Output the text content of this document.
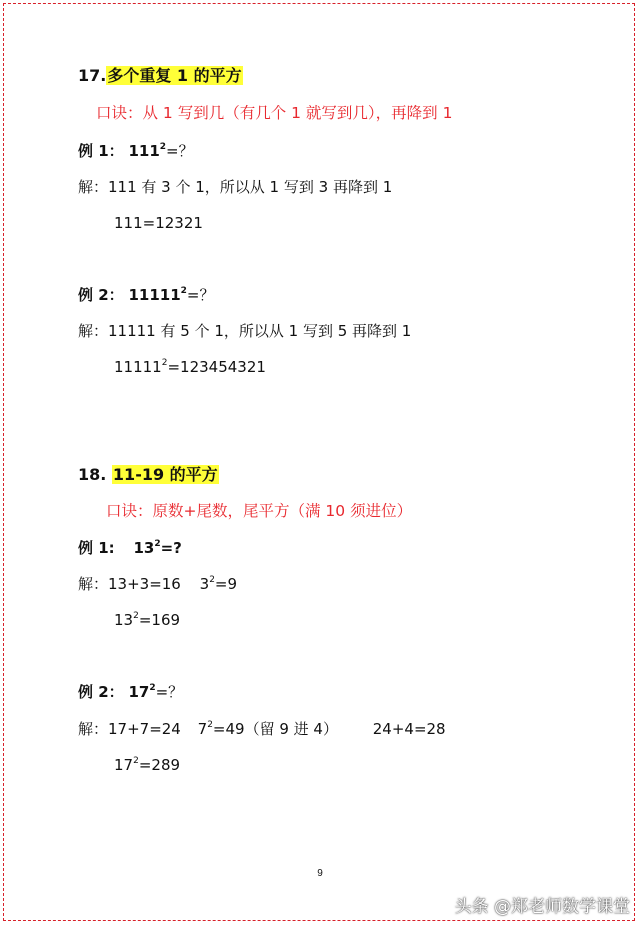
17.多个重复 1 的平方
口诀：从 1 写到几（有几个 1 就写到几），再降到 1
例 1： $111^2=$？
解：111 有 3 个 1，所以从 1 写到 3 再降到 1
111=12321
例 2： $11111^2=$？
解：11111 有 5 个 1，所以从 1 写到 5 再降到 1
$11111^2=123454321$
18. 11-19 的平方
口诀：原数+尾数，尾平方（满 10 须进位）
例 1: $13^2=$?
解：13+3=16 $3^2=9$
$13^2=169$
例 2： $17^2=$？
解：17+7=24 $7^2=49$（留 9 进 4） 24+4=28
$17^2=289$
9
头条 @郑老师数学课堂
